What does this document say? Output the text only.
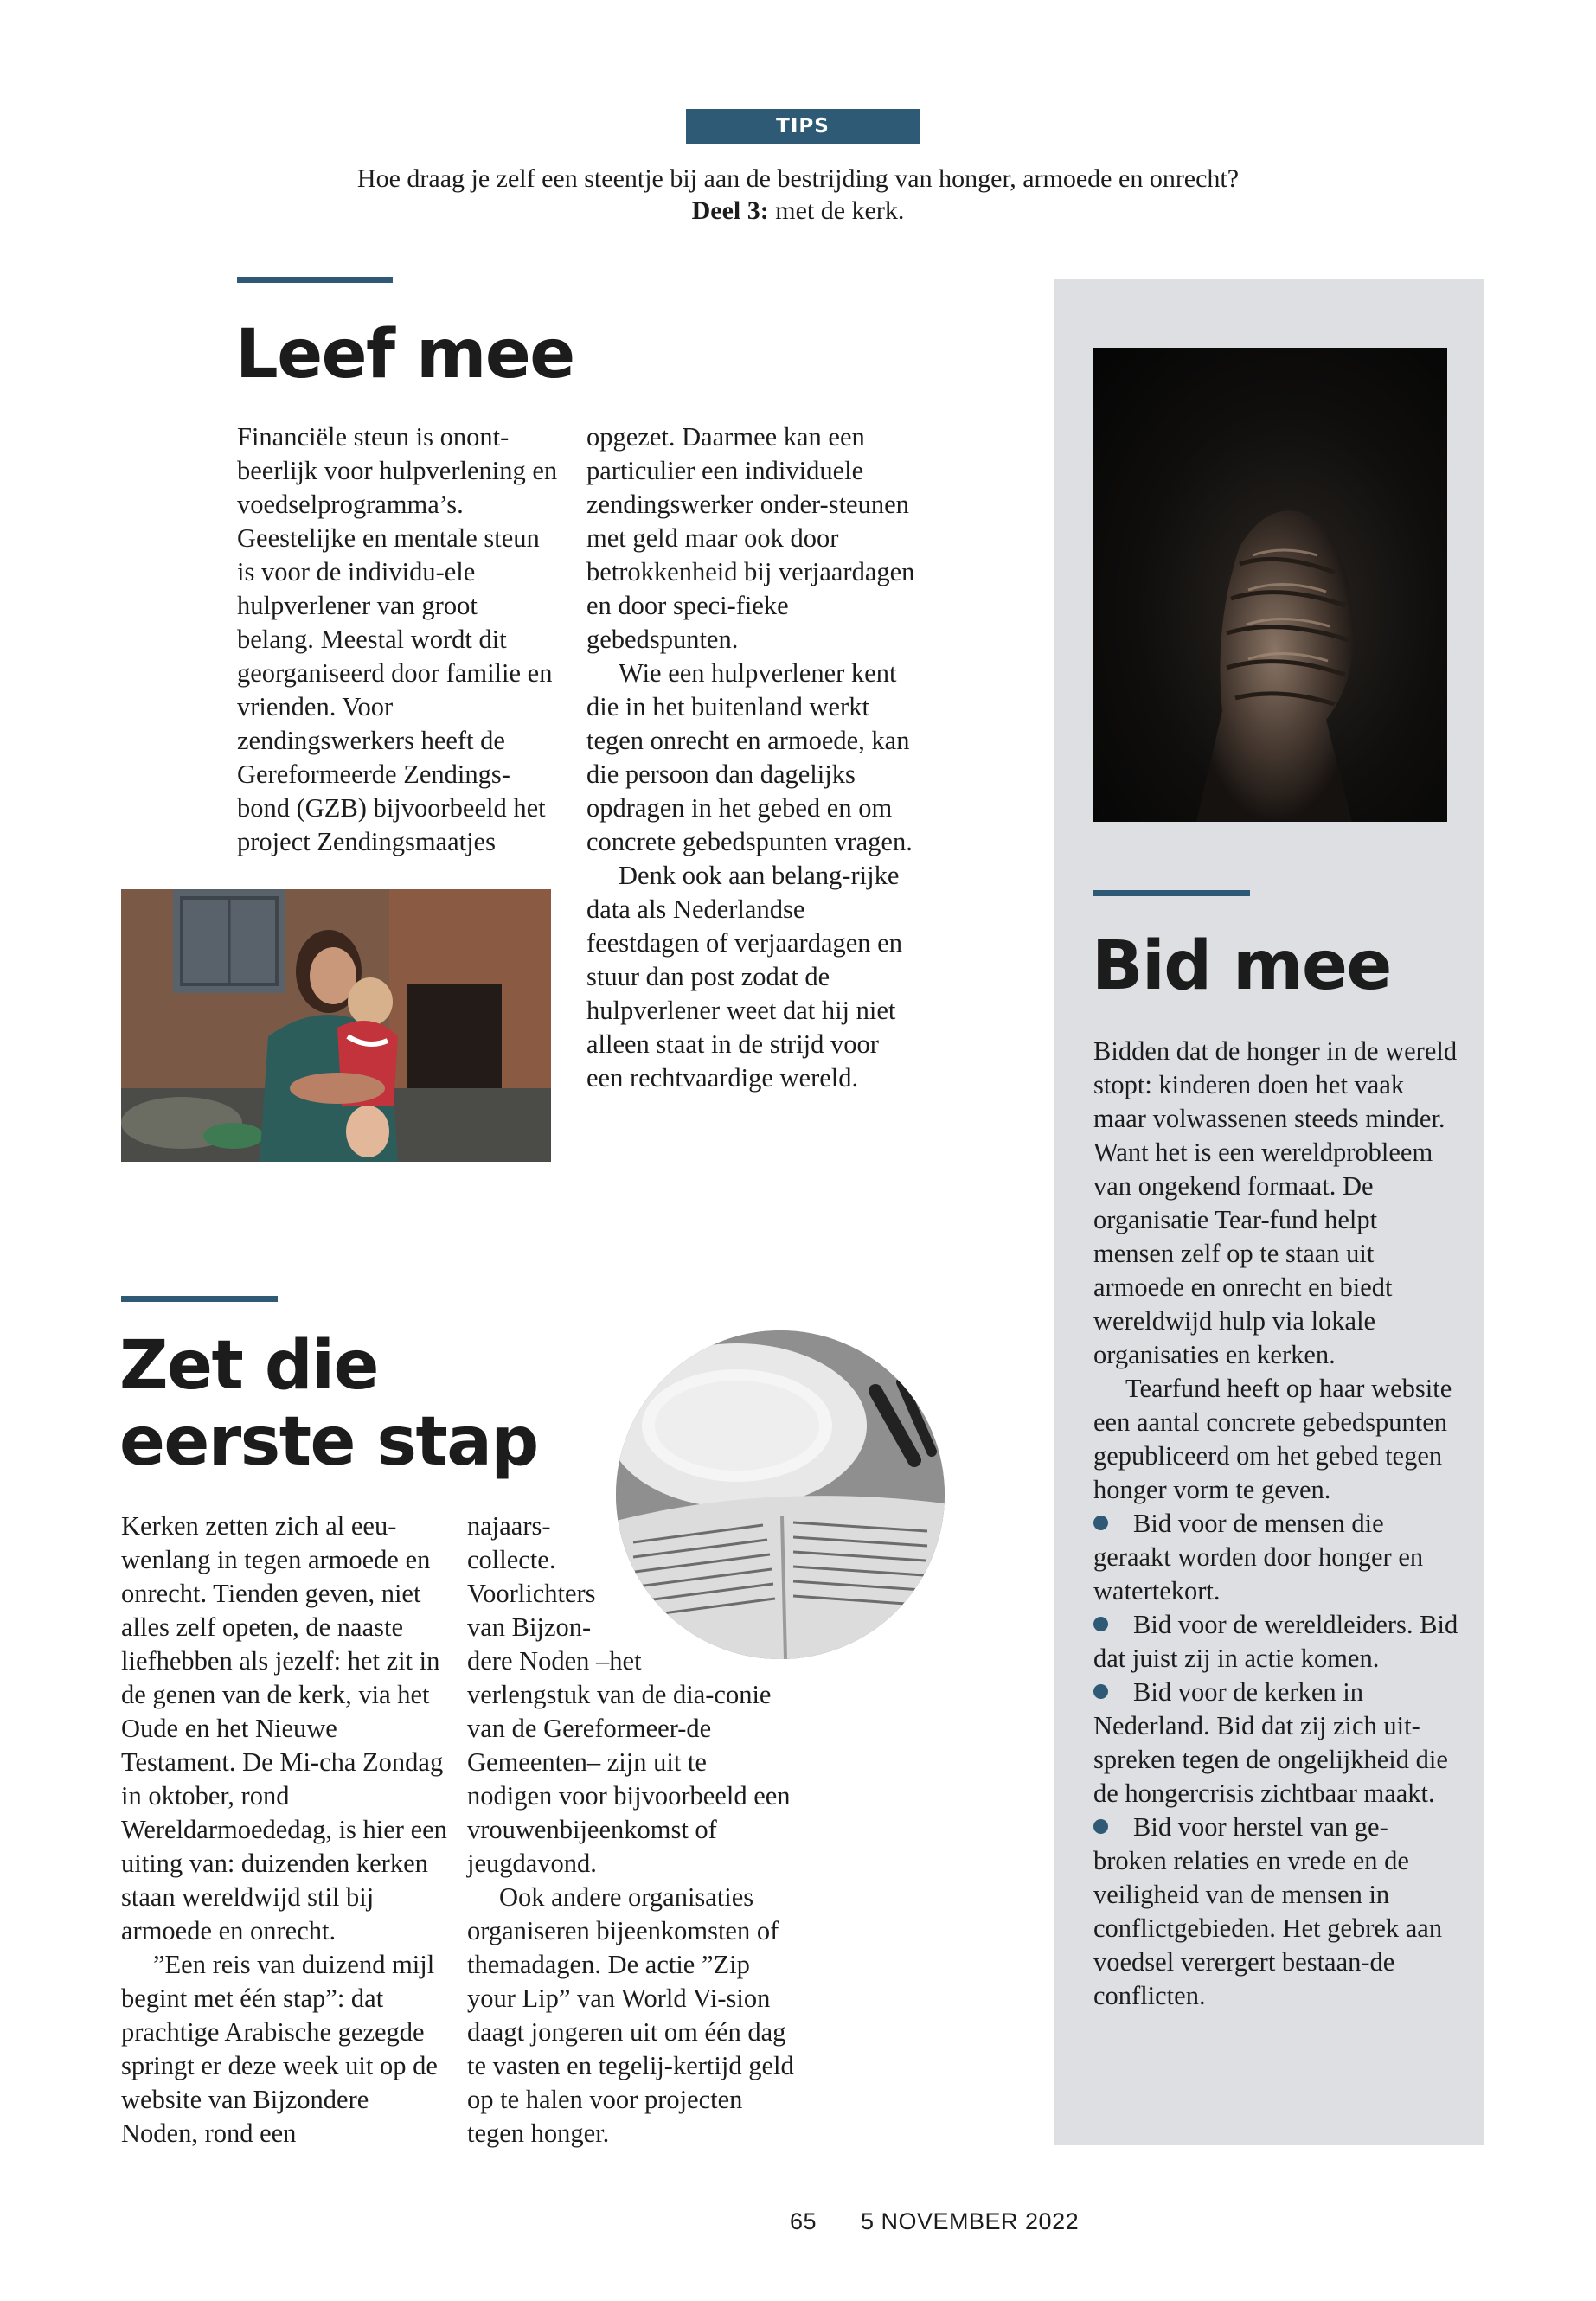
TIPS
Hoe draag je zelf een steentje bij aan de bestrijding van honger, armoede en onrecht?
Deel 3: met de kerk.
Leef mee

Financiële steun is onont-beerlijk voor hulpverlening en voedselprogramma’s. Geestelijke en mentale steun is voor de individu-ele hulpverlener van groot belang. Meestal wordt dit georganiseerd door familie en vrienden. Voor zendingswerkers heeft de Gereformeerde Zendings-bond (GZB) bijvoorbeeld het project Zendingsmaatjes

opgezet. Daarmee kan een particulier een individuele zendingswerker onder-steunen met geld maar ook door betrokkenheid bij verjaardagen en door speci-fieke gebedspunten.

Wie een hulpverlener kent die in het buitenland werkt tegen onrecht en armoede, kan die persoon dan dagelijks opdragen in het gebed en om concrete gebedspunten vragen.

Denk ook aan belang-rijke data als Nederlandse feestdagen of verjaardagen en stuur dan post zodat de hulpverlener weet dat hij niet alleen staat in de strijd voor een rechtvaardige wereld.

Zet die
eerste stap

Kerken zetten zich al eeu-wenlang in tegen armoede en onrecht. Tienden geven, niet alles zelf opeten, de naaste liefhebben als jezelf: het zit in de genen van de kerk, via het Oude en het Nieuwe Testament. De Mi-cha Zondag in oktober, rond Wereldarmoededag, is hier een uiting van: duizenden kerken staan wereldwijd stil bij armoede en onrecht.

”Een reis van duizend mijl begint met één stap”: dat prachtige Arabische gezegde springt er deze week uit op de website van Bijzondere Noden, rond een

najaars-
collecte.
Voorlichters
van Bijzon-
dere Noden –het
verlengstuk van de dia-conie van de Gereformeer-de Gemeenten– zijn uit te nodigen voor bijvoorbeeld een vrouwenbijeenkomst of jeugdavond.

Ook andere organisaties organiseren bijeenkomsten of themadagen. De actie ”Zip your Lip” van World Vi-sion daagt jongeren uit om één dag te vasten en tegelij-kertijd geld op te halen voor projecten tegen honger.

Bid mee

Bidden dat de honger in de wereld stopt: kinderen doen het vaak maar volwassenen steeds minder. Want het is een wereldprobleem van ongekend formaat. De organisatie Tear-fund helpt mensen zelf op te staan uit armoede en onrecht en biedt wereldwijd hulp via lokale organisaties en kerken.

Tearfund heeft op haar website een aantal concrete gebedspunten gepubliceerd om het gebed tegen honger vorm te geven.

Bid voor de mensen die geraakt worden door honger en watertekort.

Bid voor de wereldleiders. Bid dat juist zij in actie komen.

Bid voor de kerken in Nederland. Bid dat zij zich uit-spreken tegen de ongelijkheid die de hongercrisis zichtbaar maakt.

Bid voor herstel van ge-broken relaties en vrede en de veiligheid van de mensen in conflictgebieden. Het gebrek aan voedsel verergert bestaan-de conflicten.

65 5 NOVEMBER 2022
